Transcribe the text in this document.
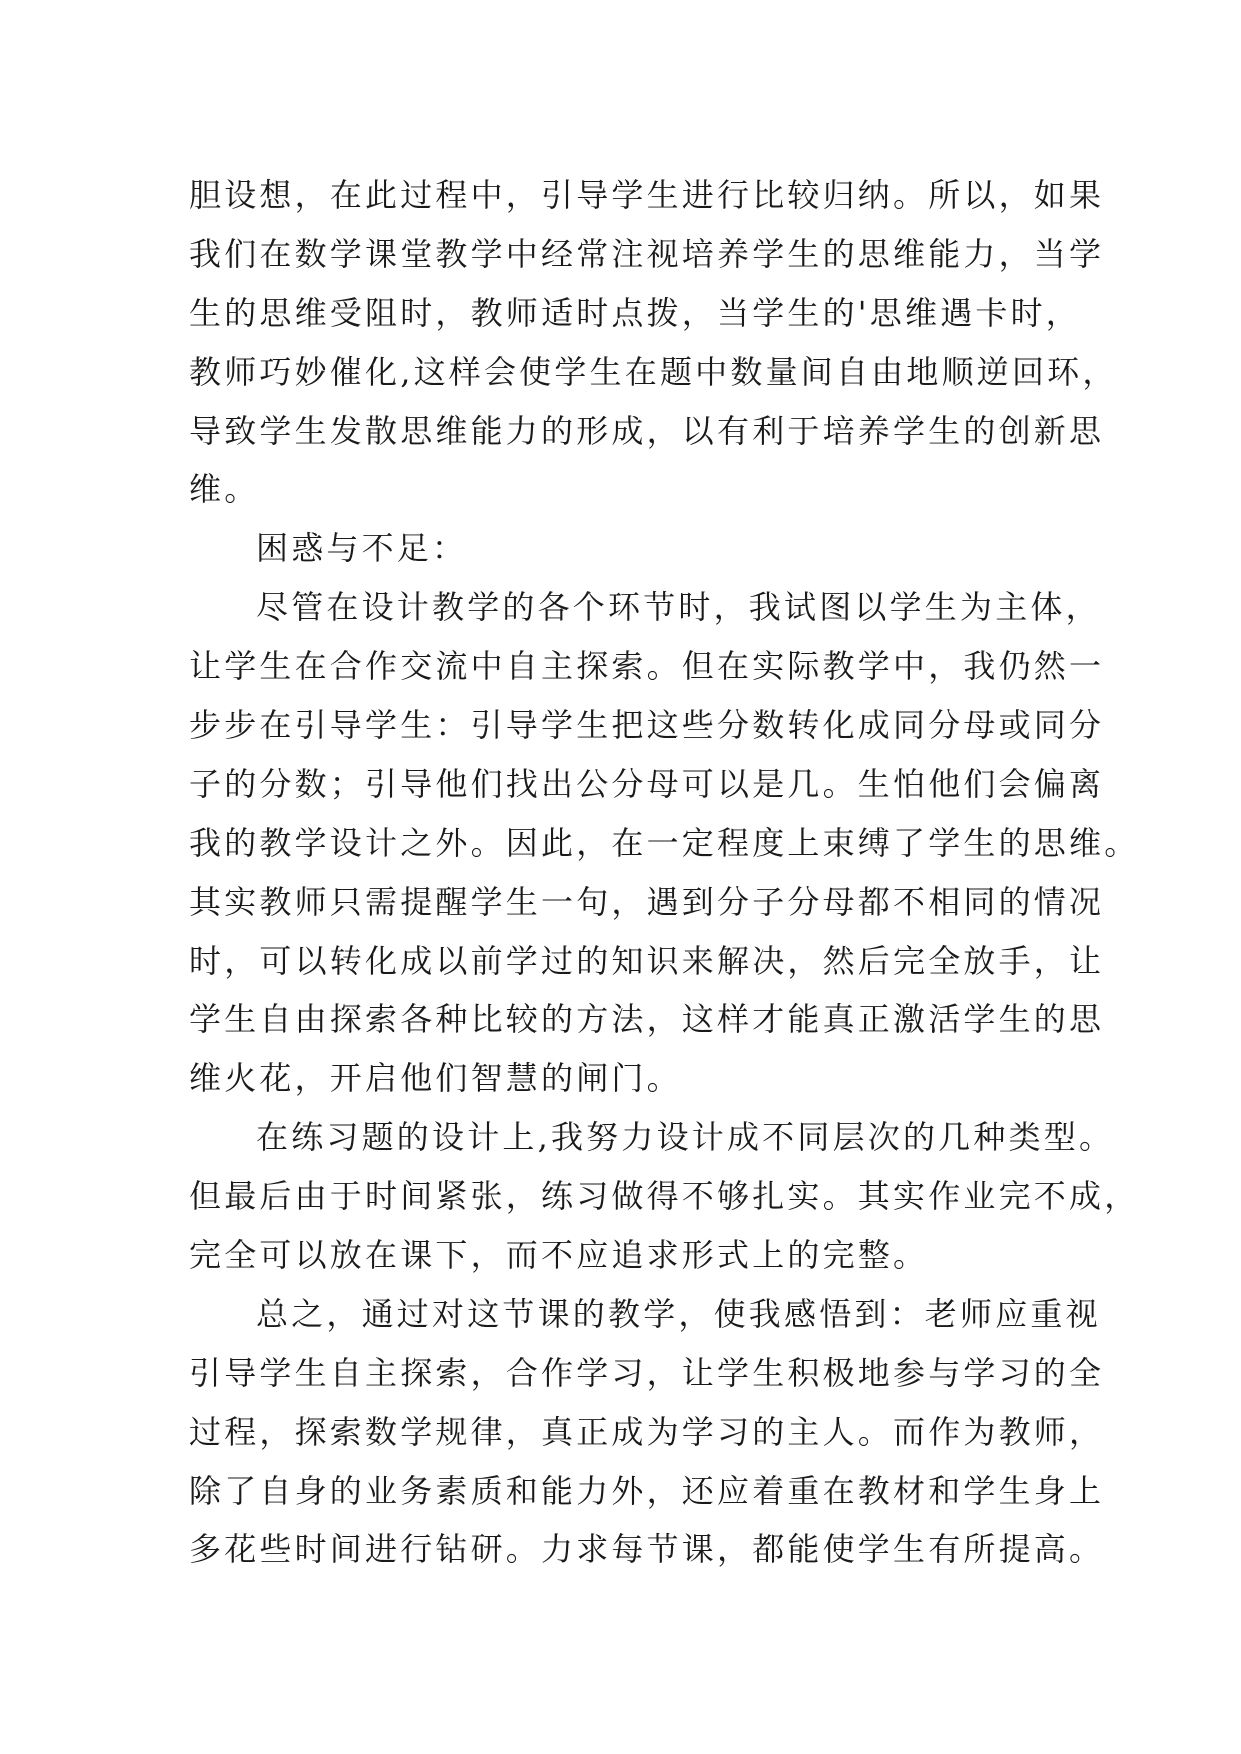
胆设想，在此过程中，引导学生进行比较归纳。所以，如果
我们在数学课堂教学中经常注视培养学生的思维能力，当学
生的思维受阻时，教师适时点拨，当学生的'思维遇卡时，
教师巧妙催化,这样会使学生在题中数量间自由地顺逆回环，
导致学生发散思维能力的形成，以有利于培养学生的创新思
维。
困惑与不足：
尽管在设计教学的各个环节时，我试图以学生为主体，
让学生在合作交流中自主探索。但在实际教学中，我仍然一
步步在引导学生：引导学生把这些分数转化成同分母或同分
子的分数；引导他们找出公分母可以是几。生怕他们会偏离
我的教学设计之外。因此，在一定程度上束缚了学生的思维。
其实教师只需提醒学生一句，遇到分子分母都不相同的情况
时，可以转化成以前学过的知识来解决，然后完全放手，让
学生自由探索各种比较的方法，这样才能真正激活学生的思
维火花，开启他们智慧的闸门。
在练习题的设计上,我努力设计成不同层次的几种类型。
但最后由于时间紧张，练习做得不够扎实。其实作业完不成，
完全可以放在课下，而不应追求形式上的完整。
总之，通过对这节课的教学，使我感悟到：老师应重视
引导学生自主探索，合作学习，让学生积极地参与学习的全
过程，探索数学规律，真正成为学习的主人。而作为教师，
除了自身的业务素质和能力外，还应着重在教材和学生身上
多花些时间进行钻研。力求每节课，都能使学生有所提高。
